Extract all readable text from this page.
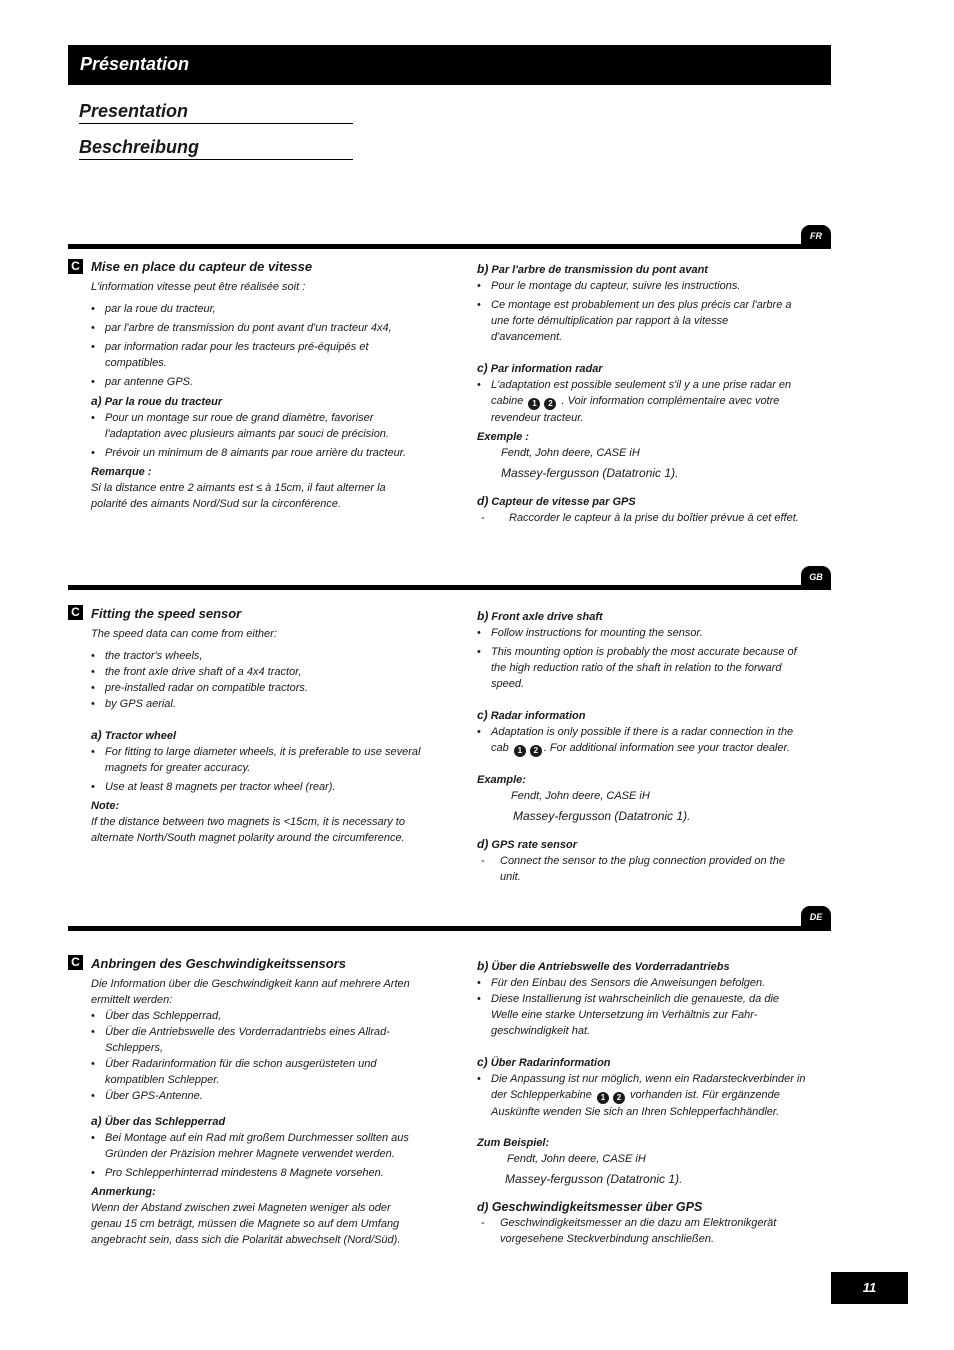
Présentation
Presentation
Beschreibung
FR
C Mise en place du capteur de vitesse

L'information vitesse peut être réalisée soit :

• par la roue du tracteur,
• par l'arbre de transmission du pont avant d'un tracteur 4x4,
• par information radar pour les tracteurs pré-équipés et compatibles.
• par antenne GPS.

a) Par la roue du tracteur

• Pour un montage sur roue de grand diamètre, favoriser l'adaptation avec plusieurs aimants par souci de précision.
• Prévoir un minimum de 8 aimants par roue arrière du tracteur.

Remarque :

Si la distance entre 2 aimants est ≤ à 15cm, il faut alterner la polarité des aimants Nord/Sud sur la circonférence.

b) Par l'arbre de transmission du pont avant

• Pour le montage du capteur, suivre les instructions.
• Ce montage est probablement un des plus précis car l'arbre a une forte démultiplication par rapport à la vitesse d'avancement.

c) Par information radar

• L'adaptation est possible seulement s'il y a une prise radar en cabine 1 2 . Voir information complémentaire avec votre revendeur tracteur.

Exemple :

Fendt, John deere, CASE iH

Massey-fergusson (Datatronic 1).

d) Capteur de vitesse par GPS

- Raccorder le capteur à la prise du boîtier prévue à cet effet.
GB
C Fitting the speed sensor

The speed data can come from either:

• the tractor's wheels,
• the front axle drive shaft of a 4x4 tractor,
• pre-installed radar on compatible tractors.
• by GPS aerial.

a) Tractor wheel

• For fitting to large diameter wheels, it is preferable to use several magnets for greater accuracy.
• Use at least 8 magnets per tractor wheel (rear).

Note:

If the distance between two magnets is <15cm, it is necessary to alternate North/South magnet polarity around the circumference.

b) Front axle drive shaft

• Follow instructions for mounting the sensor.
• This mounting option is probably the most accurate because of the high reduction ratio of the shaft in relation to the forward speed.

c) Radar information

• Adaptation is only possible if there is a radar connection in the cab 1 2 . For additional information see your tractor dealer.

Example:

Fendt, John deere, CASE iH

Massey-fergusson (Datatronic 1).

d) GPS rate sensor

- Connect the sensor to the plug connection provided on the unit.
DE
C Anbringen des Geschwindigkeitssensors

Die Information über die Geschwindigkeit kann auf mehrere Arten ermittelt werden:

• Über das Schlepperrad,
• Über die Antriebswelle des Vorderradantriebs eines Allrad-Schleppers,
• Über Radarinformation für die schon ausgerüsteten und kompatiblen Schlepper.
• Über GPS-Antenne.

a) Über das Schlepperrad

• Bei Montage auf ein Rad mit großem Durchmesser sollten aus Gründen der Präzision mehrer Magnete verwendet werden.
• Pro Schlepperhinterrad mindestens 8 Magnete vorsehen.

Anmerkung:

Wenn der Abstand zwischen zwei Magneten weniger als oder genau 15 cm beträgt, müssen die Magnete so auf dem Umfang angebracht sein, dass sich die Polarität abwechselt (Nord/Süd).

b) Über die Antriebswelle des Vorderradantriebs

• Für den Einbau des Sensors die Anweisungen befolgen.
• Diese Installierung ist wahrscheinlich die genaueste, da die Welle eine starke Untersetzung im Verhältnis zur Fahr-geschwindigkeit hat.

c) Über Radarinformation

• Die Anpassung ist nur möglich, wenn ein Radarsteckverbinder in der Schlepperkabine 1 2 vorhanden ist. Für ergänzende Auskünfte wenden Sie sich an Ihren Schlepperfachhändler.

Zum Beispiel:

Fendt, John deere, CASE iH

Massey-fergusson (Datatronic 1).

d) Geschwindigkeitsmesser über GPS

- Geschwindigkeitsmesser an die dazu am Elektronikgerät vorgesehene Steckverbindung anschließen.
11
